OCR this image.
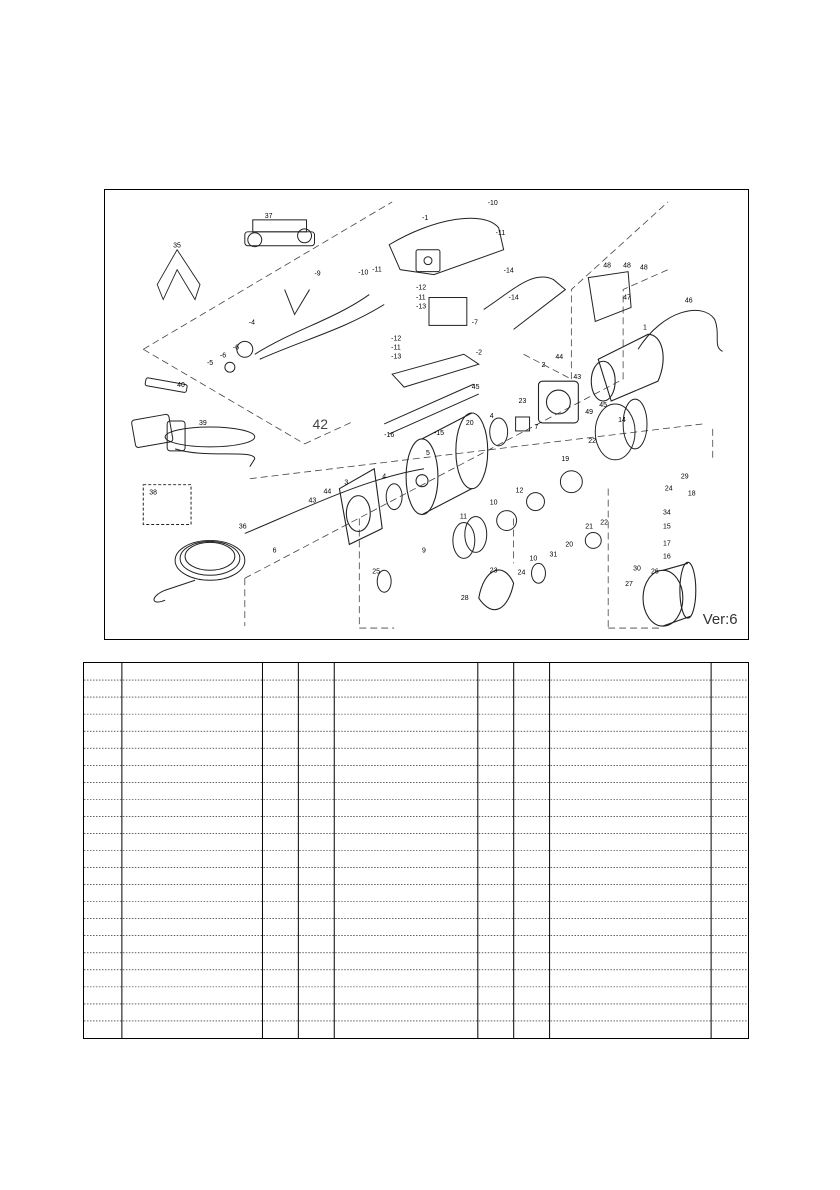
37
35
-1
-10
-11
-10 -11
-9	-14
-14
-12
-11
-13
-7
48 48 48
47	46
-4
-6
-6
-5
-12
-11
-13
-2
1
44
43
2
45
49
45
40
39
23
4
7
14
22
-16	-15
20
5
38
43
44
3
4
19
10
12
11
36
6	9
25	23	24
10
31
20
21
22
29
24
18
34
15
17
16
30
27
26
28
42
Ver:6
